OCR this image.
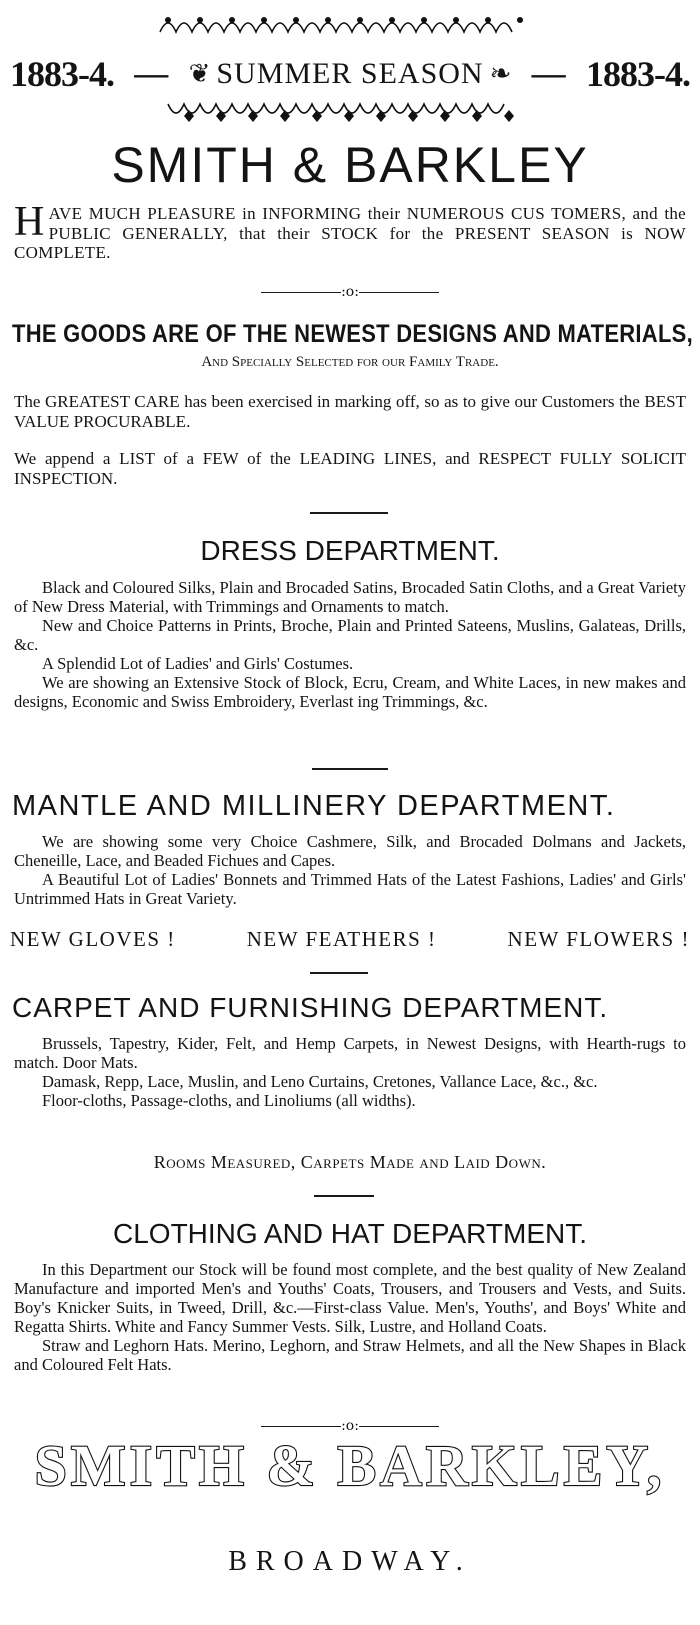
1883-4. — ❦ SUMMER SEASON ❧ — 1883-4.
SMITH & BARKLEY
H AVE MUCH PLEASURE in INFORMING their NUMEROUS CUS TOMERS, and the PUBLIC GENERALLY, that their STOCK for the PRESENT SEASON is NOW COMPLETE.
:o:
THE GOODS ARE OF THE NEWEST DESIGNS AND MATERIALS,
And Specially Selected for our Family Trade.
The GREATEST CARE has been exercised in marking off, so as to give our Customers the BEST VALUE PROCURABLE.
We append a LIST of a FEW of the LEADING LINES, and RESPECT FULLY SOLICIT INSPECTION.
DRESS DEPARTMENT.

Black and Coloured Silks, Plain and Brocaded Satins, Brocaded Satin Cloths, and a Great Variety of New Dress Material, with Trimmings and Ornaments to match.

New and Choice Patterns in Prints, Broche, Plain and Printed Sateens, Muslins, Galateas, Drills, &c.

A Splendid Lot of Ladies' and Girls' Costumes.

We are showing an Extensive Stock of Block, Ecru, Cream, and White Laces, in new makes and designs, Economic and Swiss Embroidery, Everlast ing Trimmings, &c.

MANTLE AND MILLINERY DEPARTMENT.

We are showing some very Choice Cashmere, Silk, and Brocaded Dolmans and Jackets, Cheneille, Lace, and Beaded Fichues and Capes.

A Beautiful Lot of Ladies' Bonnets and Trimmed Hats of the Latest Fashions, Ladies' and Girls' Untrimmed Hats in Great Variety.

NEW GLOVES !	NEW FEATHERS !	NEW FLOWERS !
CARPET AND FURNISHING DEPARTMENT.

Brussels, Tapestry, Kider, Felt, and Hemp Carpets, in Newest Designs, with Hearth-rugs to match. Door Mats.

Damask, Repp, Lace, Muslin, and Leno Curtains, Cretones, Vallance Lace, &c., &c.

Floor-cloths, Passage-cloths, and Linoliums (all widths).

Rooms Measured, Carpets Made and Laid Down.
CLOTHING AND HAT DEPARTMENT.

In this Department our Stock will be found most complete, and the best quality of New Zealand Manufacture and imported Men's and Youths' Coats, Trousers, and Trousers and Vests, and Suits. Boy's Knicker Suits, in Tweed, Drill, &c.—First-class Value. Men's, Youths', and Boys' White and Regatta Shirts. White and Fancy Summer Vests. Silk, Lustre, and Holland Coats.

Straw and Leghorn Hats. Merino, Leghorn, and Straw Helmets, and all the New Shapes in Black and Coloured Felt Hats.

:o:
SMITH & BARKLEY,
BROADWAY.
